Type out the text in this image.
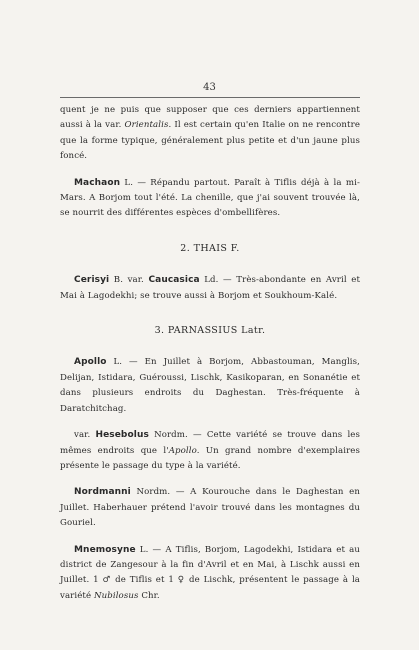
43

quent je ne puis que supposer que ces derniers appartiennent aussi à la var. Orientalis. Il est certain qu'en Italie on ne rencontre que la forme typique, généralement plus petite et d'un jaune plus foncé.

Machaon L. — Répandu partout. Paraît à Tiflis déjà à la mi-Mars. A Borjom tout l'été. La chenille, que j'ai souvent trouvée là, se nourrit des différentes espèces d'ombellifères.

2. THAIS F.

Cerisyi B. var. Caucasica Ld. — Très-abondante en Avril et Mai à Lagodekhi; se trouve aussi à Borjom et Soukhoum-Kalé.

3. PARNASSIUS Latr.

Apollo L. — En Juillet à Borjom, Abbastouman, Manglis, Delijan, Istidara, Guéroussi, Lischk, Kasikoparan, en Sonanétie et dans plusieurs endroits du Daghestan. Très-fréquente à Daratchitchag.

var. Hesebolus Nordm. — Cette variété se trouve dans les mêmes endroits que l'Apollo. Un grand nombre d'exemplaires présente le passage du type à la variété.

Nordmanni Nordm. — A Kourouche dans le Daghestan en Juillet. Haberhauer prétend l'avoir trouvé dans les montagnes du Gouriel.

Mnemosyne L. — A Tiflis, Borjom, Lagodekhi, Istidara et au district de Zangesour à la fin d'Avril et en Mai, à Lischk aussi en Juillet. 1 ♂ de Tiflis et 1 ♀ de Lischk, présentent le passage à la variété Nubilosus Chr.
